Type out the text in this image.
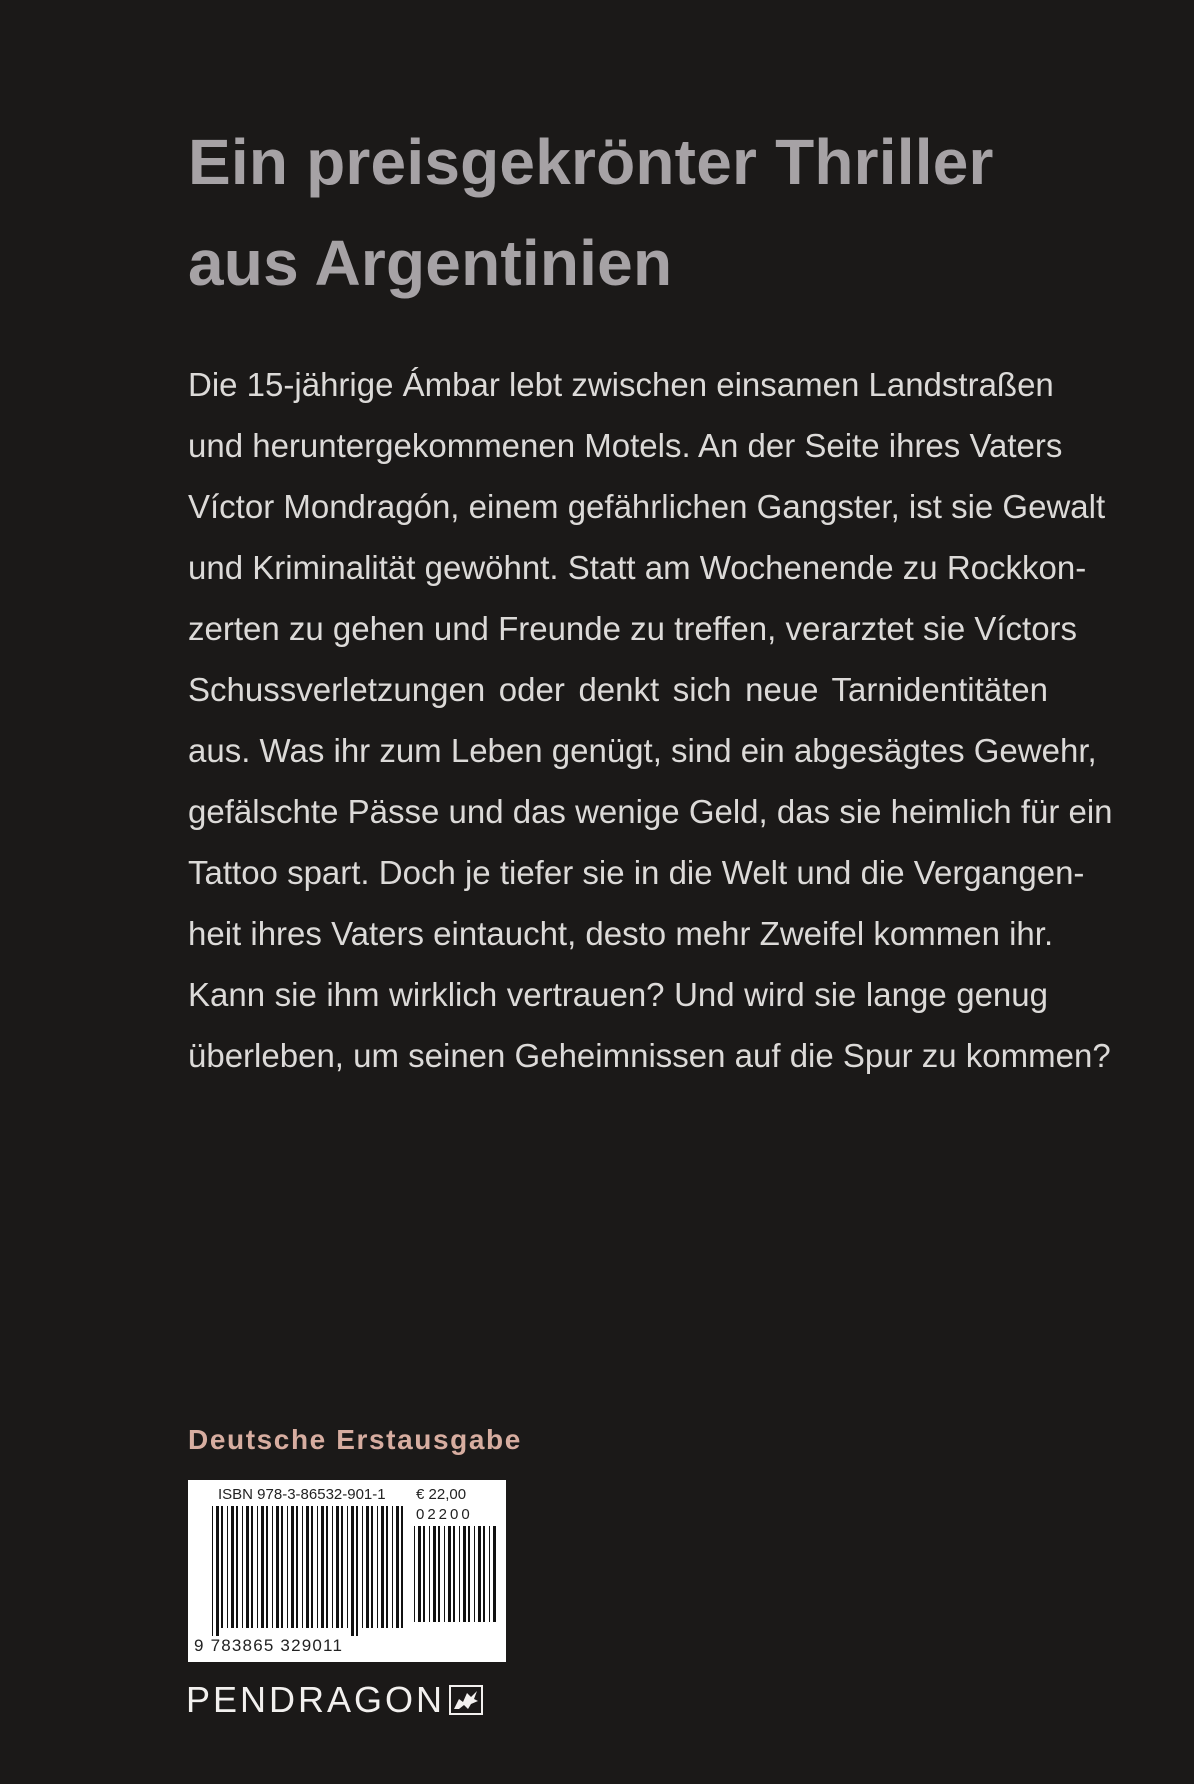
Ein preisgekrönter Thriller
aus Argentinien

Die 15-jährige Ámbar lebt zwischen einsamen Landstraßen
und heruntergekommenen Motels. An der Seite ihres Vaters
Víctor Mondragón, einem gefährlichen Gangster, ist sie Gewalt
und Kriminalität gewöhnt. Statt am Wochenende zu Rockkon-
zerten zu gehen und Freunde zu treffen, verarztet sie Víctors
Schussverletzungen oder denkt sich neue Tarnidentitäten
aus. Was ihr zum Leben genügt, sind ein abgesägtes Gewehr,
gefälschte Pässe und das wenige Geld, das sie heimlich für ein
Tattoo spart. Doch je tiefer sie in die Welt und die Vergangen-
heit ihres Vaters eintaucht, desto mehr Zweifel kommen ihr.
Kann sie ihm wirklich vertrauen? Und wird sie lange genug
überleben, um seinen Geheimnissen auf die Spur zu kommen?

Deutsche Erstausgabe
ISBN 978-3-86532-901-1 € 22,00
02200
9 783865 329011
PENDRAGON
